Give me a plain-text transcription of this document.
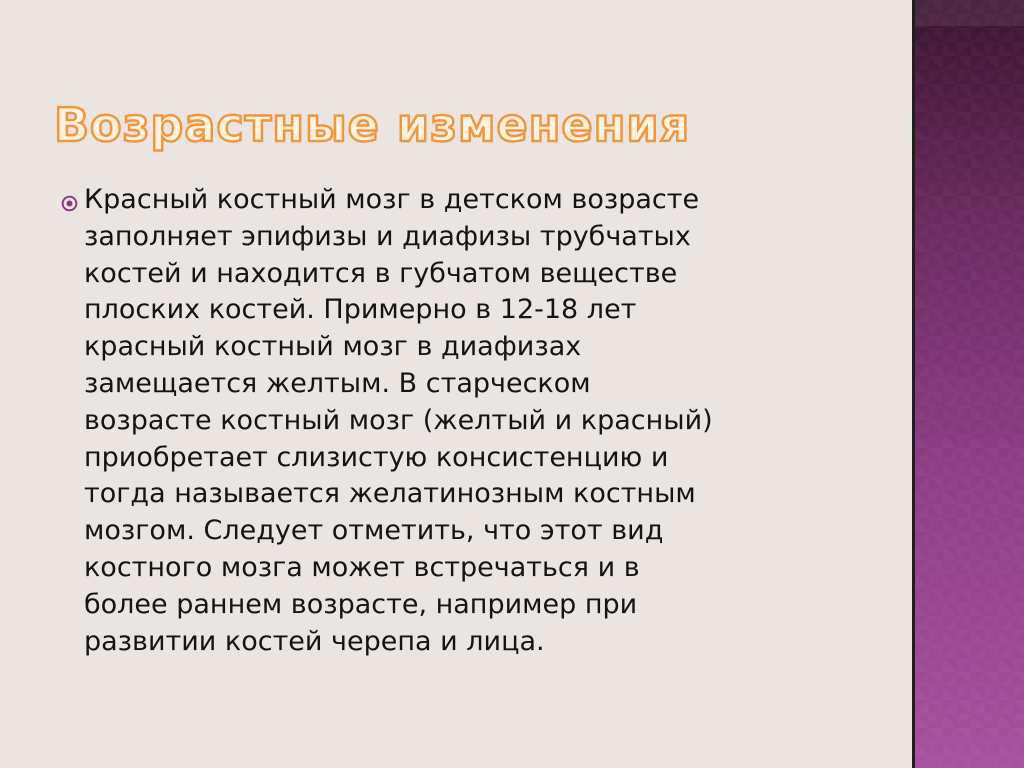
Возрастные изменения

Красный костный мозг в детском возрасте
заполняет эпифизы и диафизы трубчатых
костей и находится в губчатом веществе
плоских костей. Примерно в 12-18 лет
красный костный мозг в диафизах
замещается желтым. В старческом
возрасте костный мозг (желтый и красный)
приобретает слизистую консистенцию и
тогда называется желатинозным костным
мозгом. Следует отметить, что этот вид
костного мозга может встречаться и в
более раннем возрасте, например при
развитии костей черепа и лица.
